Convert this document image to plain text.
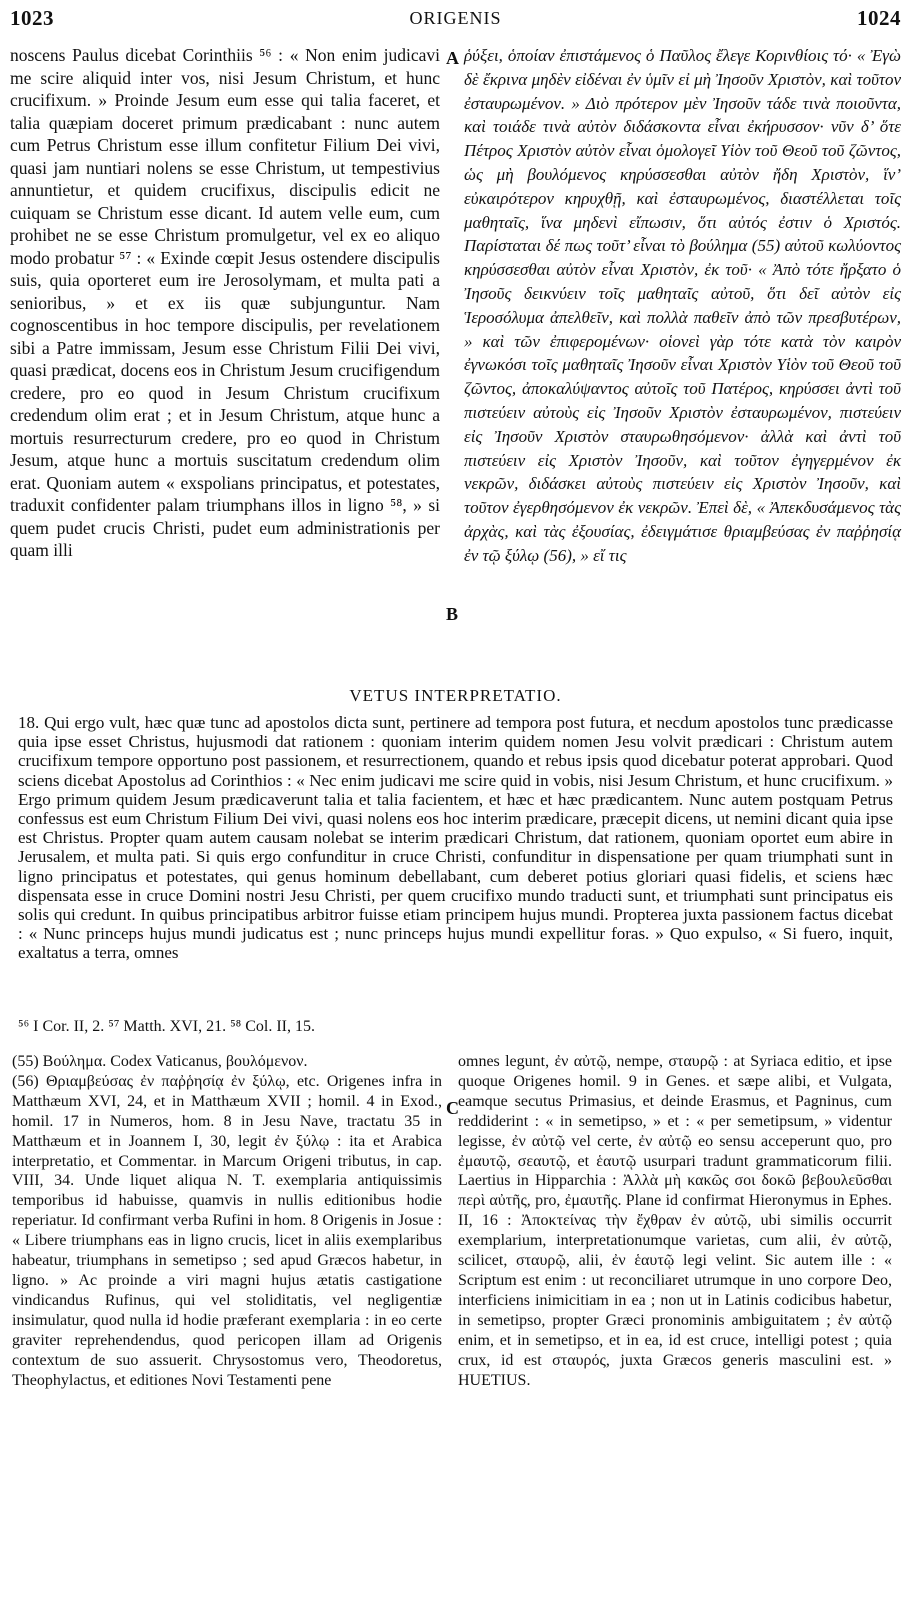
1023	ORIGENIS	1024

noscens Paulus dicebat Corinthiis ⁵⁶ : « Non enim judicavi me scire aliquid inter vos, nisi Jesum Christum, et hunc crucifixum. » Proinde Jesum eum esse qui talia faceret, et talia quæpiam doceret primum prædicabant : nunc autem cum Petrus Christum esse illum confitetur Filium Dei vivi, quasi jam nuntiari nolens se esse Christum, ut tempestivius annuntietur, et quidem crucifixus, discipulis edicit ne cuiquam se Christum esse dicant. Id autem velle eum, cum prohibet ne se esse Christum promulgetur, vel ex eo aliquo modo probatur ⁵⁷ : « Exinde cœpit Jesus ostendere discipulis suis, quia oporteret eum ire Jerosolymam, et multa pati a senioribus, » et ex iis quæ subjunguntur. Nam cognoscentibus in hoc tempore discipulis, per revelationem sibi a Patre immissam, Jesum esse Christum Filii Dei vivi, quasi prædicat, docens eos in Christum Jesum crucifigendum credere, pro eo quod in Jesum Christum crucifixum credendum olim erat ; et in Jesum Christum, atque hunc a mortuis resurrecturum credere, pro eo quod in Christum Jesum, atque hunc a mortuis suscitatum credendum olim erat. Quoniam autem « exspolians principatus, et potestates, traduxit confidenter palam triumphans illos in ligno ⁵⁸, » si quem pudet crucis Christi, pudet eum administrationis per quam illi

A
B

ῥύξει, ὁποίαν ἐπιστάμενος ὁ Παῦλος ἔλεγε Κορινθίοις τό· « Ἐγὼ δὲ ἔκρινα μηδὲν εἰδέναι ἐν ὑμῖν εἰ μὴ Ἰησοῦν Χριστὸν, καὶ τοῦτον ἐσταυρωμένον. » Διὸ πρότερον μὲν Ἰησοῦν τάδε τινὰ ποιοῦντα, καὶ τοιάδε τινὰ αὐτὸν διδάσκοντα εἶναι ἐκήρυσσον· νῦν δ’ ὅτε Πέτρος Χριστὸν αὐτὸν εἶναι ὁμολογεῖ Υἱὸν τοῦ Θεοῦ τοῦ ζῶντος, ὡς μὴ βουλόμενος κηρύσσεσθαι αὐτὸν ἤδη Χριστὸν, ἵν’ εὐκαιρότερον κηρυχθῇ, καὶ ἐσταυρωμένος, διαστέλλεται τοῖς μαθηταῖς, ἵνα μηδενὶ εἴπωσιν, ὅτι αὐτός ἐστιν ὁ Χριστός. Παρίσταται δέ πως τοῦτ’ εἶναι τὸ βούλημα (55) αὐτοῦ κωλύοντος κηρύσσεσθαι αὐτὸν εἶναι Χριστὸν, ἐκ τοῦ· « Ἀπὸ τότε ἤρξατο ὁ Ἰησοῦς δεικνύειν τοῖς μαθηταῖς αὐτοῦ, ὅτι δεῖ αὐτὸν εἰς Ἱεροσόλυμα ἀπελθεῖν, καὶ πολλὰ παθεῖν ἀπὸ τῶν πρεσβυτέρων, » καὶ τῶν ἐπιφερομένων· οἱονεὶ γὰρ τότε κατὰ τὸν καιρὸν ἐγνωκόσι τοῖς μαθηταῖς Ἰησοῦν εἶναι Χριστὸν Υἱὸν τοῦ Θεοῦ τοῦ ζῶντος, ἀποκαλύψαντος αὐτοῖς τοῦ Πατέρος, κηρύσσει ἀντὶ τοῦ πιστεύειν αὐτοὺς εἰς Ἰησοῦν Χριστὸν ἐσταυρωμένον, πιστεύειν εἰς Ἰησοῦν Χριστὸν σταυρωθησόμενον· ἀλλὰ καὶ ἀντὶ τοῦ πιστεύειν εἰς Χριστὸν Ἰησοῦν, καὶ τοῦτον ἐγηγερμένον ἐκ νεκρῶν, διδάσκει αὐτοὺς πιστεύειν εἰς Χριστὸν Ἰησοῦν, καὶ τοῦτον ἐγερθησόμενον ἐκ νεκρῶν. Ἐπεὶ δὲ, « Ἀπεκδυσάμενος τὰς ἀρχὰς, καὶ τὰς ἐξουσίας, ἐδειγμάτισε θριαμβεύσας ἐν παῤῥησίᾳ ἐν τῷ ξύλῳ (56), » εἴ τις

VETUS INTERPRETATIO.
18. Qui ergo vult, hæc quæ tunc ad apostolos dicta sunt, pertinere ad tempora post futura, et necdum apostolos tunc prædicasse quia ipse esset Christus, hujusmodi dat rationem : quoniam interim quidem nomen Jesu volvit prædicari : Christum autem crucifixum tempore opportuno post passionem, et resurrectionem, quando et rebus ipsis quod dicebatur poterat approbari. Quod sciens dicebat Apostolus ad Corinthios : « Nec enim judicavi me scire quid in vobis, nisi Jesum Christum, et hunc crucifixum. » Ergo primum quidem Jesum prædicaverunt talia et talia facientem, et hæc et hæc prædicantem. Nunc autem postquam Petrus confessus est eum Christum Filium Dei vivi, quasi nolens eos hoc interim prædicare, præcepit dicens, ut nemini dicant quia ipse est Christus. Propter quam autem causam nolebat se interim prædicari Christum, dat rationem, quoniam oportet eum abire in Jerusalem, et multa pati. Si quis ergo confunditur in cruce Christi, confunditur in dispensatione per quam triumphati sunt in ligno principatus et potestates, qui genus hominum debellabant, cum deberet potius gloriari quasi fidelis, et sciens hæc dispensata esse in cruce Domini nostri Jesu Christi, per quem crucifixo mundo traducti sunt, et triumphati sunt principatus eis solis qui credunt. In quibus principatibus arbitror fuisse etiam principem hujus mundi. Propterea juxta passionem factus dicebat : « Nunc princeps hujus mundi judicatus est ; nunc princeps hujus mundi expellitur foras. » Quo expulso, « Si fuero, inquit, exaltatus a terra, omnes
⁵⁶ I Cor. II, 2. ⁵⁷ Matth. XVI, 21. ⁵⁸ Col. II, 15.

(55) Βούλημα. Codex Vaticanus, βουλόμενον.

(56) Θριαμβεύσας ἐν παῤῥησίᾳ ἐν ξύλῳ, etc. Origenes infra in Matthæum XVI, 24, et in Matthæum XVII ; homil. 4 in Exod., homil. 17 in Numeros, hom. 8 in Jesu Nave, tractatu 35 in Matthæum et in Joannem I, 30, legit ἐν ξύλῳ : ita et Arabica interpretatio, et Commentar. in Marcum Origeni tributus, in cap. VIII, 34. Unde liquet aliqua N. T. exemplaria antiquissimis temporibus id habuisse, quamvis in nullis editionibus hodie reperiatur. Id confirmant verba Rufini in hom. 8 Origenis in Josue : « Libere triumphans eas in ligno crucis, licet in aliis exemplaribus habeatur, triumphans in semetipso ; sed apud Græcos habetur, in ligno. » Ac proinde a viri magni hujus ætatis castigatione vindicandus Rufinus, qui vel stoliditatis, vel negligentiæ insimulatur, quod nulla id hodie præferant exemplaria : in eo certe graviter reprehendendus, quod pericopen illam ad Origenis contextum de suo assuerit. Chrysostomus vero, Theodoretus, Theophylactus, et editiones Novi Testamenti pene

C

omnes legunt, ἐν αὐτῷ, nempe, σταυρῷ : at Syriaca editio, et ipse quoque Origenes homil. 9 in Genes. et sæpe alibi, et Vulgata, eamque secutus Primasius, et deinde Erasmus, et Pagninus, cum reddiderint : « in semetipso, » et : « per semetipsum, » videntur legisse, ἐν αὐτῷ vel certe, ἐν αὐτῷ eo sensu acceperunt quo, pro ἐμαυτῷ, σεαυτῷ, et ἑαυτῷ usurpari tradunt grammaticorum filii. Laertius in Hipparchia : Ἀλλὰ μὴ κακῶς σοι δοκῶ βεβουλεῦσθαι περὶ αὐτῆς, pro, ἐμαυτῆς. Plane id confirmat Hieronymus in Ephes. II, 16 : Ἀποκτείνας τὴν ἔχθραν ἐν αὐτῷ, ubi similis occurrit exemplarium, interpretationumque varietas, cum alii, ἐν αὐτῷ, scilicet, σταυρῷ, alii, ἐν ἑαυτῷ legi velint. Sic autem ille : « Scriptum est enim : ut reconciliaret utrumque in uno corpore Deo, interficiens inimicitiam in ea ; non ut in Latinis codicibus habetur, in semetipso, propter Græci pronominis ambiguitatem ; ἐν αὐτῷ enim, et in semetipso, et in ea, id est cruce, intelligi potest ; quia crux, id est σταυρός, juxta Græcos generis masculini est. » HUETIUS.
